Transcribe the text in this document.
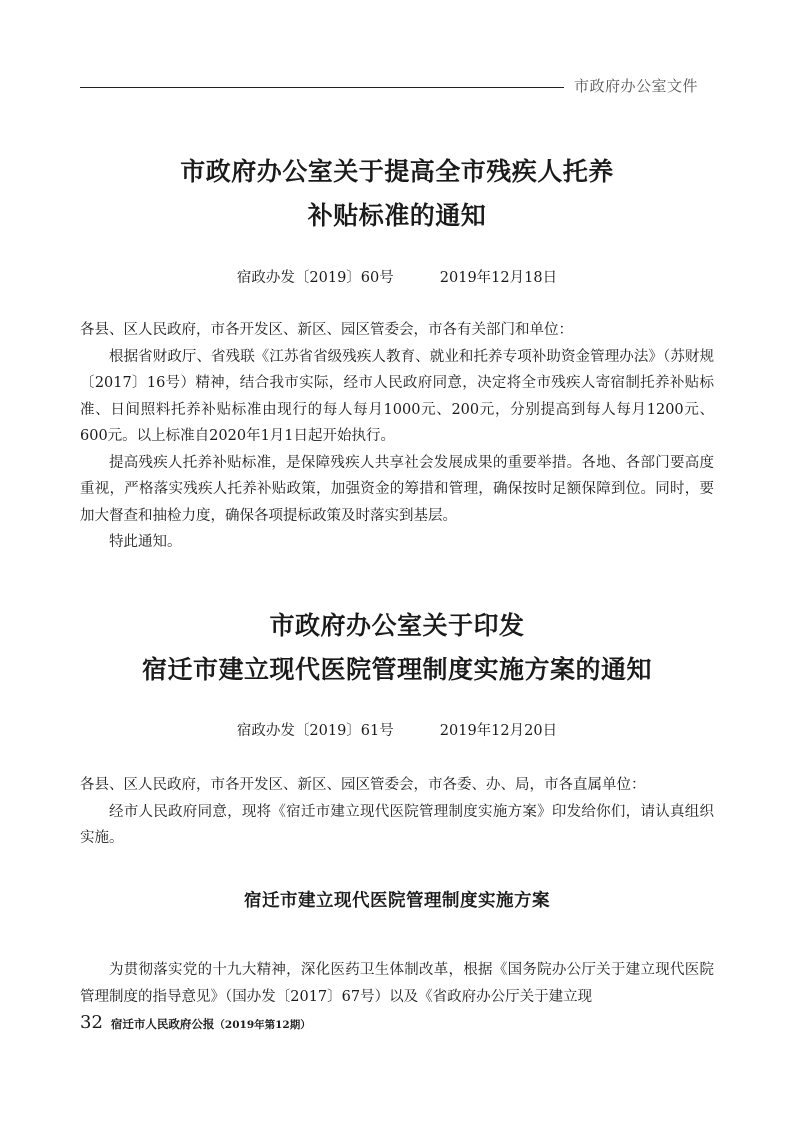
市政府办公室文件
市政府办公室关于提高全市残疾人托养
补贴标准的通知
宿政办发〔2019〕60号	2019年12月18日

各县、区人民政府，市各开发区、新区、园区管委会，市各有关部门和单位：

根据省财政厅、省残联《江苏省省级残疾人教育、就业和托养专项补助资金管理办法》（苏财规〔2017〕16号）精神，结合我市实际，经市人民政府同意，决定将全市残疾人寄宿制托养补贴标准、日间照料托养补贴标准由现行的每人每月1000元、200元，分别提高到每人每月1200元、600元。以上标准自2020年1月1日起开始执行。

提高残疾人托养补贴标准，是保障残疾人共享社会发展成果的重要举措。各地、各部门要高度重视，严格落实残疾人托养补贴政策，加强资金的筹措和管理，确保按时足额保障到位。同时，要加大督查和抽检力度，确保各项提标政策及时落实到基层。

特此通知。

市政府办公室关于印发
宿迁市建立现代医院管理制度实施方案的通知
宿政办发〔2019〕61号	2019年12月20日

各县、区人民政府，市各开发区、新区、园区管委会，市各委、办、局，市各直属单位：

经市人民政府同意，现将《宿迁市建立现代医院管理制度实施方案》印发给你们，请认真组织实施。

宿迁市建立现代医院管理制度实施方案

为贯彻落实党的十九大精神，深化医药卫生体制改革，根据《国务院办公厅关于建立现代医院管理制度的指导意见》（国办发〔2017〕67号）以及《省政府办公厅关于建立现

32 宿迁市人民政府公报（2019年第12期）
